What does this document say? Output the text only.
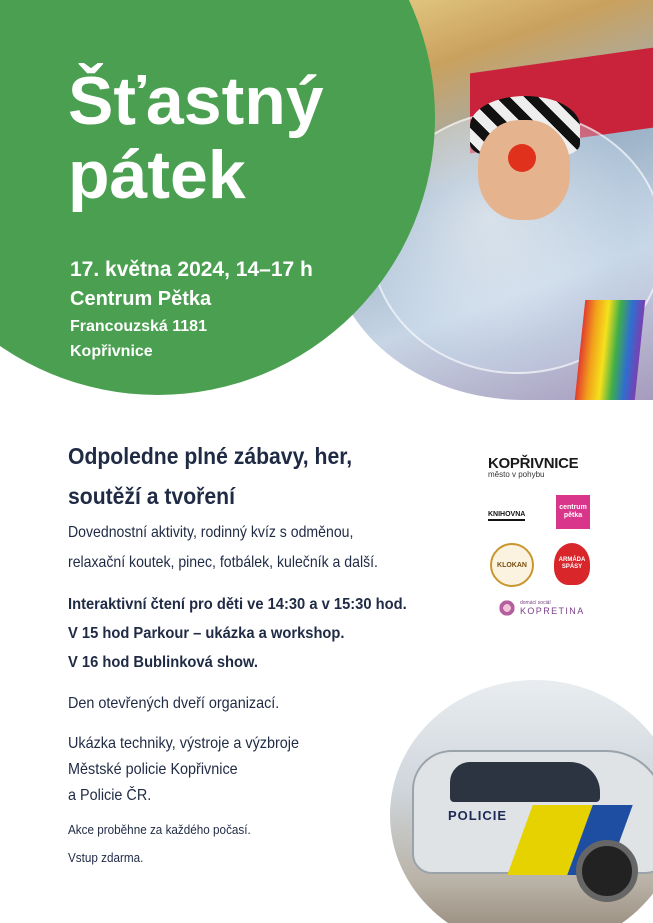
Šťastný
pátek
17. května 2024, 14–17 h
Centrum Pětka
Francouzská 1181
Kopřivnice
Odpoledne plné zábavy, her,
soutěží a tvoření
Dovednostní aktivity, rodinný kvíz s odměnou,
relaxační koutek, pinec, fotbálek, kulečník a další.
Interaktivní čtení pro děti ve 14:30 a v 15:30 hod.
V 15 hod Parkour – ukázka a workshop.
V 16 hod Bublinková show.
Den otevřených dveří organizací.
Ukázka techniky, výstroje a výzbroje
Městské policie Kopřivnice
a Policie ČR.
Akce proběhne za každého počasí.
Vstup zdarma.
KOPŘIVNICE
město v pohybu
KNIHOVNA
centrum pětka
KLOKAN
ARMÁDA SPÁSY
domácí sociál
KOPRETINA
POLICIE
